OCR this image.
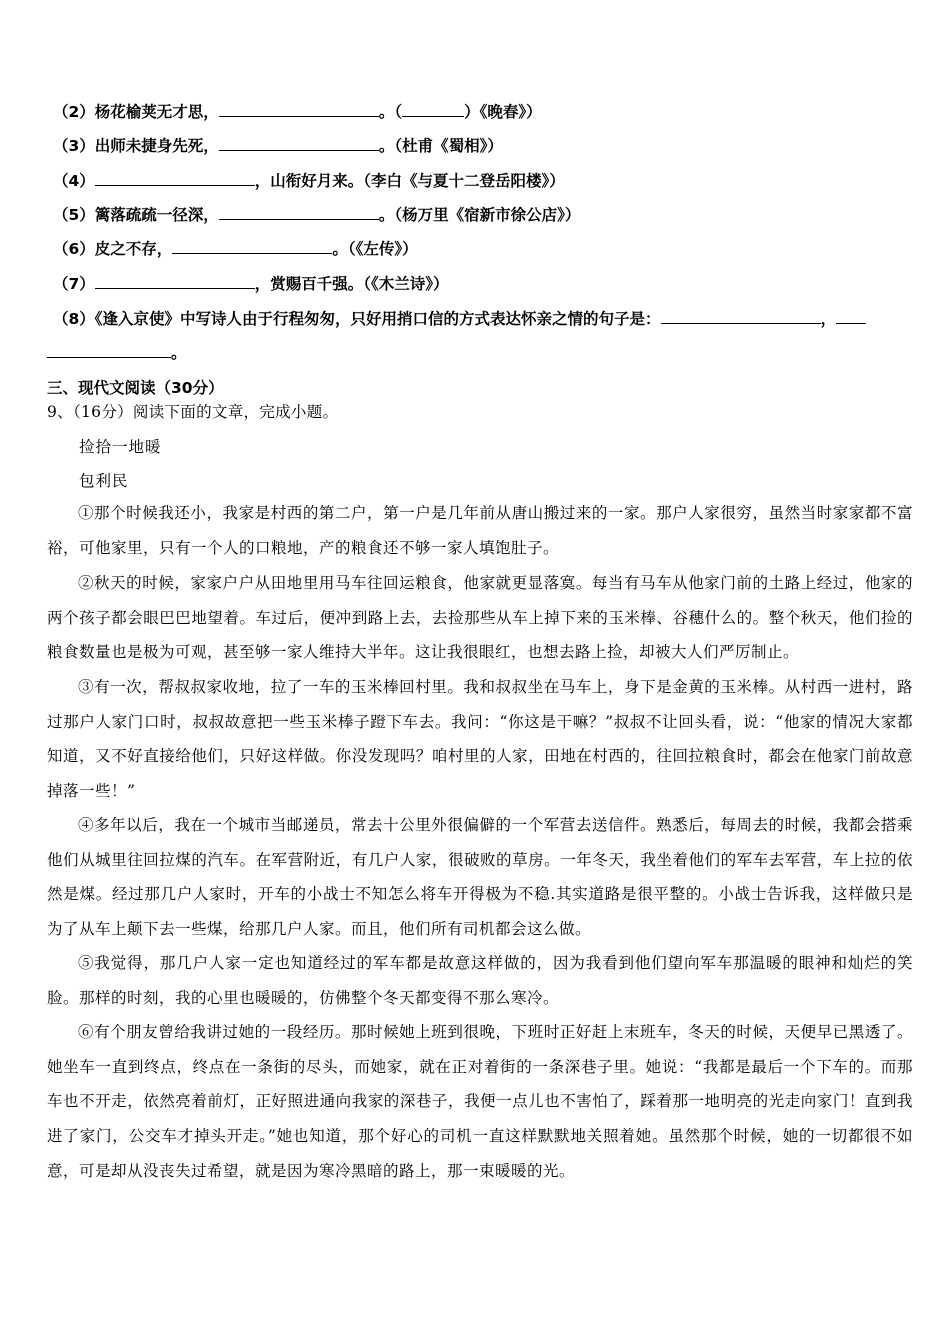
（2）杨花榆荚无才思，	。（	）《晚春》）
（3）出师未捷身先死，	。（杜甫《蜀相》）
（4）	，山衔好月来。（李白《与夏十二登岳阳楼》）
（5）篱落疏疏一径深，	。（杨万里《宿新市徐公店》）
（6）皮之不存，	。（《左传》）
（7）	，赏赐百千强。（《木兰诗》）
（8）《逢入京使》中写诗人由于行程匆匆，只好用捎口信的方式表达怀亲之情的句子是：	，
。
三、现代文阅读（30分）
9、（16分）阅读下面的文章，完成小题。
捡拾一地暖
包利民
①那个时候我还小，我家是村西的第二户，第一户是几年前从唐山搬过来的一家。那户人家很穷，虽然当时家家都不富裕，可他家里，只有一个人的口粮地，产的粮食还不够一家人填饱肚子。
②秋天的时候，家家户户从田地里用马车往回运粮食，他家就更显落寞。每当有马车从他家门前的土路上经过，他家的两个孩子都会眼巴巴地望着。车过后，便冲到路上去，去捡那些从车上掉下来的玉米棒、谷穗什么的。整个秋天，他们捡的粮食数量也是极为可观，甚至够一家人维持大半年。这让我很眼红，也想去路上捡，却被大人们严厉制止。
③有一次，帮叔叔家收地，拉了一车的玉米棒回村里。我和叔叔坐在马车上，身下是金黄的玉米棒。从村西一进村，路过那户人家门口时，叔叔故意把一些玉米棒子蹬下车去。我问：“你这是干嘛？”叔叔不让回头看，说：“他家的情况大家都知道，又不好直接给他们，只好这样做。你没发现吗？咱村里的人家，田地在村西的，往回拉粮食时，都会在他家门前故意掉落一些！”
④多年以后，我在一个城市当邮递员，常去十公里外很偏僻的一个军营去送信件。熟悉后，每周去的时候，我都会搭乘他们从城里往回拉煤的汽车。在军营附近，有几户人家，很破败的草房。一年冬天，我坐着他们的军车去军营，车上拉的依然是煤。经过那几户人家时，开车的小战士不知怎么将车开得极为不稳.其实道路是很平整的。小战士告诉我，这样做只是为了从车上颠下去一些煤，给那几户人家。而且，他们所有司机都会这么做。
⑤我觉得，那几户人家一定也知道经过的军车都是故意这样做的，因为我看到他们望向军车那温暖的眼神和灿烂的笑脸。那样的时刻，我的心里也暖暖的，仿佛整个冬天都变得不那么寒冷。
⑥有个朋友曾给我讲过她的一段经历。那时候她上班到很晚，下班时正好赶上末班车，冬天的时候，天便早已黑透了。她坐车一直到终点，终点在一条街的尽头，而她家，就在正对着街的一条深巷子里。她说：“我都是最后一个下车的。而那车也不开走，依然亮着前灯，正好照进通向我家的深巷子，我便一点儿也不害怕了，踩着那一地明亮的光走向家门！直到我进了家门，公交车才掉头开走。”她也知道，那个好心的司机一直这样默默地关照着她。虽然那个时候，她的一切都很不如意，可是却从没丧失过希望，就是因为寒冷黑暗的路上，那一束暖暖的光。
